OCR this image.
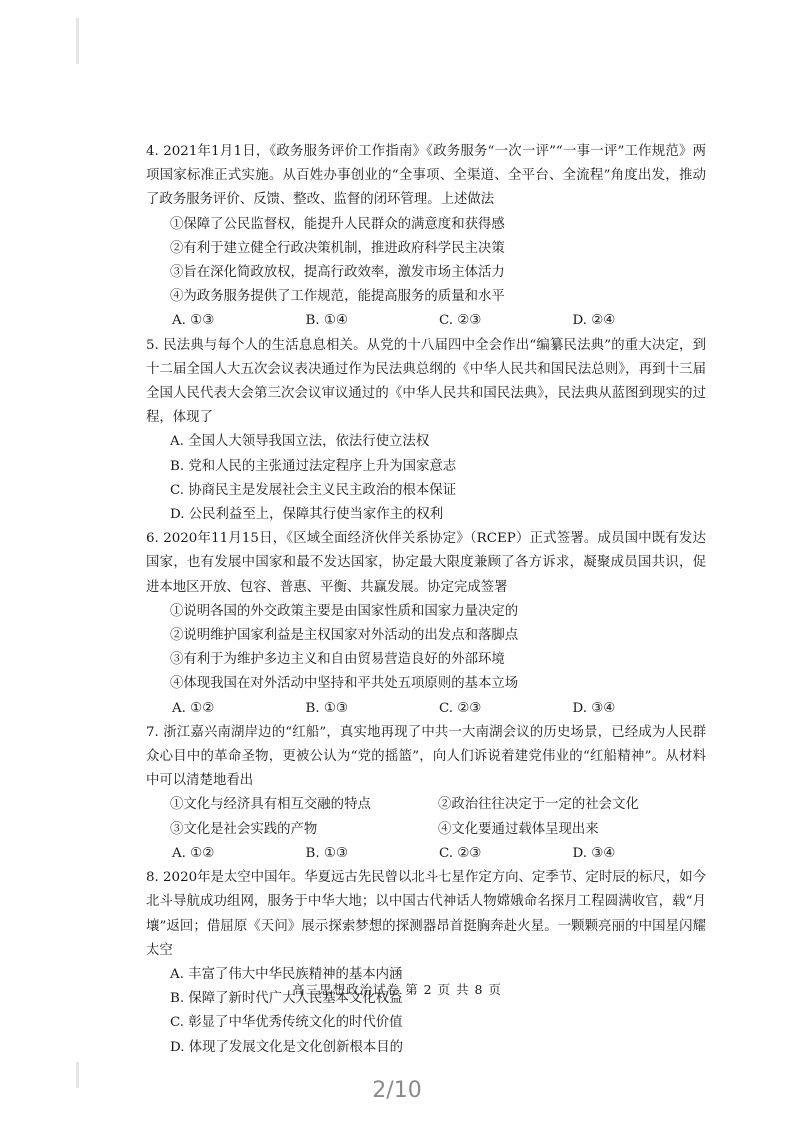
4. 2021年1月1日，《政务服务评价工作指南》《政务服务“一次一评”“一事一评”工作规范》两项国家标准正式实施。从百姓办事创业的“全事项、全渠道、全平台、全流程”角度出发，推动了政务服务评价、反馈、整改、监督的闭环管理。上述做法

①保障了公民监督权，能提升人民群众的满意度和获得感

②有利于建立健全行政决策机制，推进政府科学民主决策

③旨在深化简政放权，提高行政效率，激发市场主体活力

④为政务服务提供了工作规范，能提高服务的质量和水平

A. ①③	B. ①④	C. ②③	D. ②④

5. 民法典与每个人的生活息息相关。从党的十八届四中全会作出“编纂民法典”的重大决定，到十二届全国人大五次会议表决通过作为民法典总纲的《中华人民共和国民法总则》，再到十三届全国人民代表大会第三次会议审议通过的《中华人民共和国民法典》，民法典从蓝图到现实的过程，体现了

A. 全国人大领导我国立法，依法行使立法权

B. 党和人民的主张通过法定程序上升为国家意志

C. 协商民主是发展社会主义民主政治的根本保证

D. 公民利益至上，保障其行使当家作主的权利

6. 2020年11月15日，《区域全面经济伙伴关系协定》（RCEP）正式签署。成员国中既有发达国家，也有发展中国家和最不发达国家，协定最大限度兼顾了各方诉求，凝聚成员国共识，促进本地区开放、包容、普惠、平衡、共赢发展。协定完成签署

①说明各国的外交政策主要是由国家性质和国家力量决定的

②说明维护国家利益是主权国家对外活动的出发点和落脚点

③有利于为维护多边主义和自由贸易营造良好的外部环境

④体现我国在对外活动中坚持和平共处五项原则的基本立场

A. ①②	B. ①③	C. ②③	D. ③④

7. 浙江嘉兴南湖岸边的“红船”，真实地再现了中共一大南湖会议的历史场景，已经成为人民群众心目中的革命圣物，更被公认为“党的摇篮”，向人们诉说着建党伟业的“红船精神”。从材料中可以清楚地看出

①文化与经济具有相互交融的特点	②政治往往决定于一定的社会文化
③文化是社会实践的产物	④文化要通过载体呈现出来
A. ①②	B. ①③	C. ②③	D. ③④

8. 2020年是太空中国年。华夏远古先民曾以北斗七星作定方向、定季节、定时辰的标尺，如今北斗导航成功组网，服务于中华大地；以中国古代神话人物嫦娥命名探月工程圆满收官，载“月壤”返回；借屈原《天问》展示探索梦想的探测器昂首挺胸奔赴火星。一颗颗亮丽的中国星闪耀太空

A. 丰富了伟大中华民族精神的基本内涵

B. 保障了新时代广大人民基本文化权益

C. 彰显了中华优秀传统文化的时代价值

D. 体现了发展文化是文化创新根本目的

高三思想政治试卷 第 2 页 共 8 页
2/10
